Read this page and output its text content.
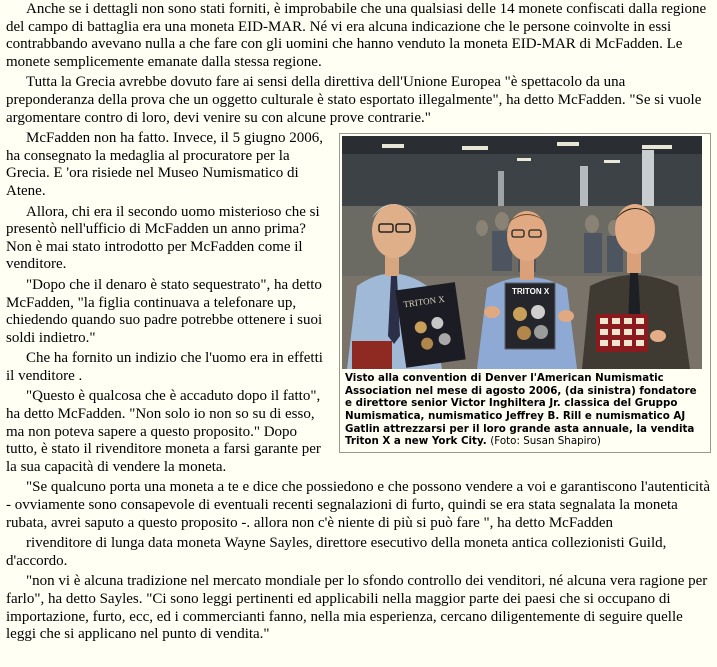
Anche se i dettagli non sono stati forniti, è improbabile che una qualsiasi delle 14 monete confiscati dalla regione del campo di battaglia era una moneta EID-MAR. Né vi era alcuna indicazione che le persone coinvolte in essi contrabbando avevano nulla a che fare con gli uomini che hanno venduto la moneta EID-MAR di McFadden. Le monete semplicemente emanate dalla stessa regione.

Tutta la Grecia avrebbe dovuto fare ai sensi della direttiva dell'Unione Europea "è spettacolo da una preponderanza della prova che un oggetto culturale è stato esportato illegalmente", ha detto McFadden. "Se si vuole argomentare contro di loro, devi venire su con alcune prove contrarie."

TRITON X
TRITON X
Visto alla convention di Denver l'American Numismatic Association nel mese di agosto 2006, (da sinistra) fondatore e direttore senior Victor Inghiltera Jr. classica del Gruppo Numismatica, numismatico Jeffrey B. Rill e numismatico AJ Gatlin attrezzarsi per il loro grande asta annuale, la vendita Triton X a new York City. (Foto: Susan Shapiro)

McFadden non ha fatto. Invece, il 5 giugno 2006, ha consegnato la medaglia al procuratore per la Grecia. E 'ora risiede nel Museo Numismatico di Atene.

Allora, chi era il secondo uomo misterioso che si presentò nell'ufficio di McFadden un anno prima? Non è mai stato introdotto per McFadden come il venditore.

"Dopo che il denaro è stato sequestrato", ha detto McFadden, "la figlia continuava a telefonare up, chiedendo quando suo padre potrebbe ottenere i suoi soldi indietro."

Che ha fornito un indizio che l'uomo era in effetti il venditore .

"Questo è qualcosa che è accaduto dopo il fatto", ha detto McFadden. "Non solo io non so su di esso, ma non poteva sapere a questo proposito." Dopo tutto, è stato il rivenditore moneta a farsi garante per la sua capacità di vendere la moneta.

"Se qualcuno porta una moneta a te e dice che possiedono e che possono vendere a voi e garantiscono l'autenticità - ovviamente sono consapevole di eventuali recenti segnalazioni di furto, quindi se era stata segnalata la moneta rubata, avrei saputo a questo proposito -. allora non c'è niente di più si può fare ", ha detto McFadden

rivenditore di lunga data moneta Wayne Sayles, direttore esecutivo della moneta antica collezionisti Guild, d'accordo.

"non vi è alcuna tradizione nel mercato mondiale per lo sfondo controllo dei venditori, né alcuna vera ragione per farlo", ha detto Sayles. "Ci sono leggi pertinenti ed applicabili nella maggior parte dei paesi che si occupano di importazione, furto, ecc, ed i commercianti fanno, nella mia esperienza, cercano diligentemente di seguire quelle leggi che si applicano nel punto di vendita."
